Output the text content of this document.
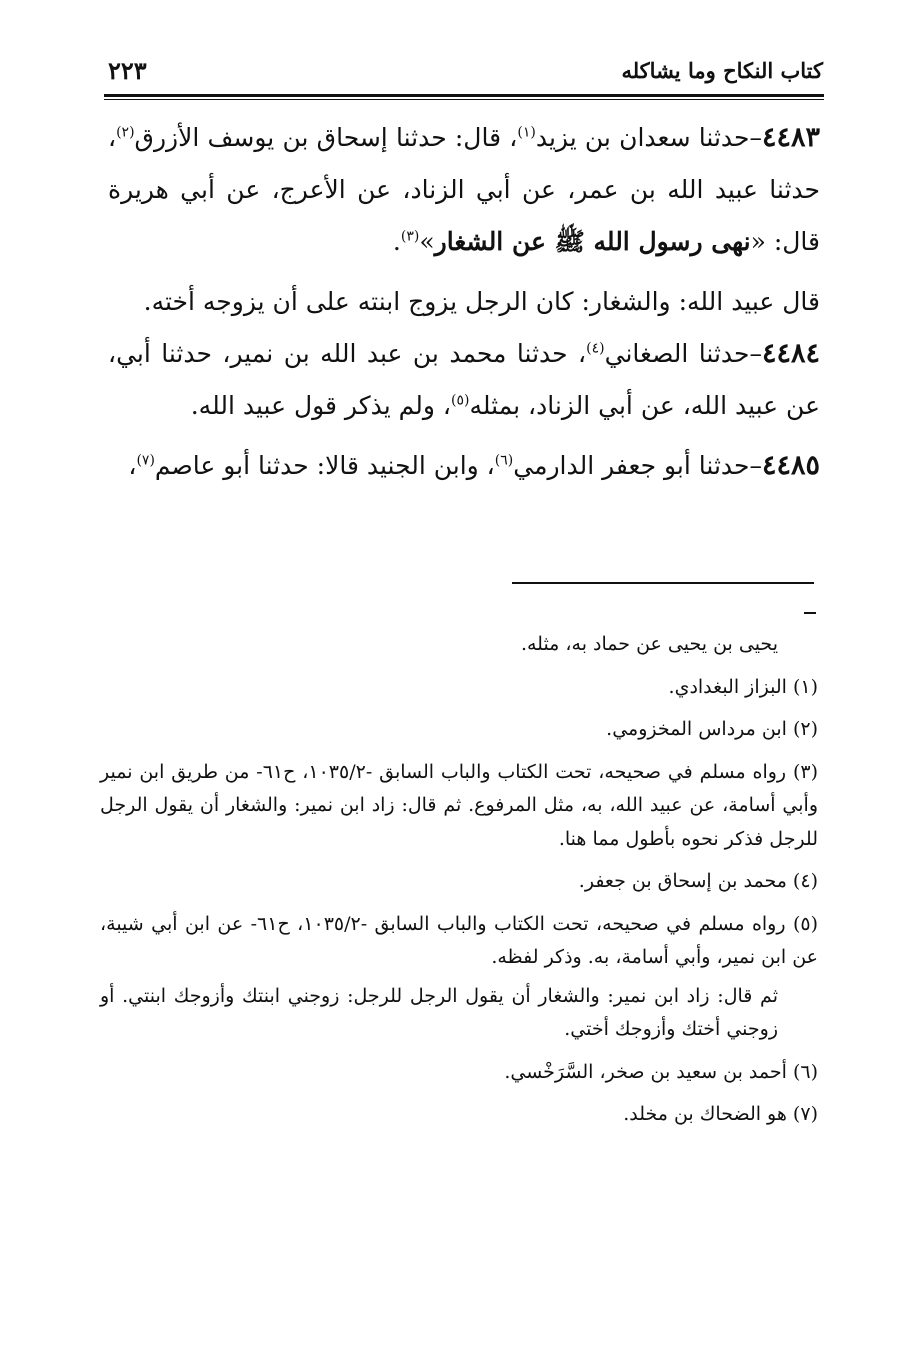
كتاب النكاح وما يشاكله
٢٢٣

٤٤٨٣–حدثنا سعدان بن يزيد$^{(١)}$، قال: حدثنا إسحاق بن يوسف الأزرق$^{(٢)}$، حدثنا عبيد الله بن عمر، عن أبي الزناد، عن الأعرج، عن أبي هريرة قال: «نهى رسول الله ﷺ عن الشغار»$^{(٣)}$.

قال عبيد الله: والشغار: كان الرجل يزوج ابنته على أن يزوجه أخته.

٤٤٨٤–حدثنا الصغاني$^{(٤)}$، حدثنا محمد بن عبد الله بن نمير، حدثنا أبي، عن عبيد الله، عن أبي الزناد، بمثله$^{(٥)}$، ولم يذكر قول عبيد الله.

٤٤٨٥–حدثنا أبو جعفر الدارمي$^{(٦)}$، وابن الجنيد قالا: حدثنا أبو عاصم$^{(٧)}$،

يحيى بن يحيى عن حماد به، مثله.

(١) البزاز البغدادي.

(٢) ابن مرداس المخزومي.

(٣) رواه مسلم في صحيحه، تحت الكتاب والباب السابق -١٠٣٥/٢، ح٦١- من طريق ابن نمير وأبي أسامة، عن عبيد الله، به، مثل المرفوع. ثم قال: زاد ابن نمير: والشغار أن يقول الرجل للرجل فذكر نحوه بأطول مما هنا.

(٤) محمد بن إسحاق بن جعفر.

(٥) رواه مسلم في صحيحه، تحت الكتاب والباب السابق -١٠٣٥/٢، ح٦١- عن ابن أبي شيبة، عن ابن نمير، وأبي أسامة، به. وذكر لفظه.

ثم قال: زاد ابن نمير: والشغار أن يقول الرجل للرجل: زوجني ابنتك وأزوجك ابنتي. أو زوجني أختك وأزوجك أختي.

(٦) أحمد بن سعيد بن صخر، السَّرَخْسي.

(٧) هو الضحاك بن مخلد.
